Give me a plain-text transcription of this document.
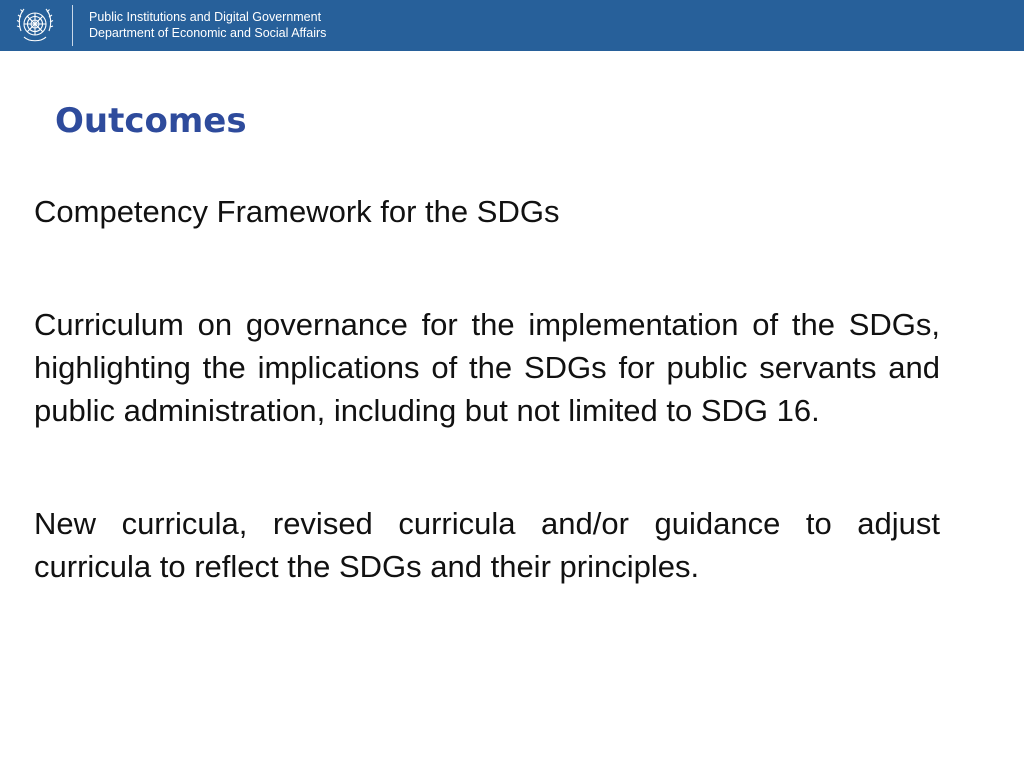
Public Institutions and Digital Government
Department of Economic and Social Affairs
Outcomes

Competency Framework for the SDGs

Curriculum on governance for the implementation of the SDGs, highlighting the implications of the SDGs for public servants and public administration, including but not limited to SDG 16.

New curricula, revised curricula and/or guidance to adjust curricula to reflect the SDGs and their principles.
